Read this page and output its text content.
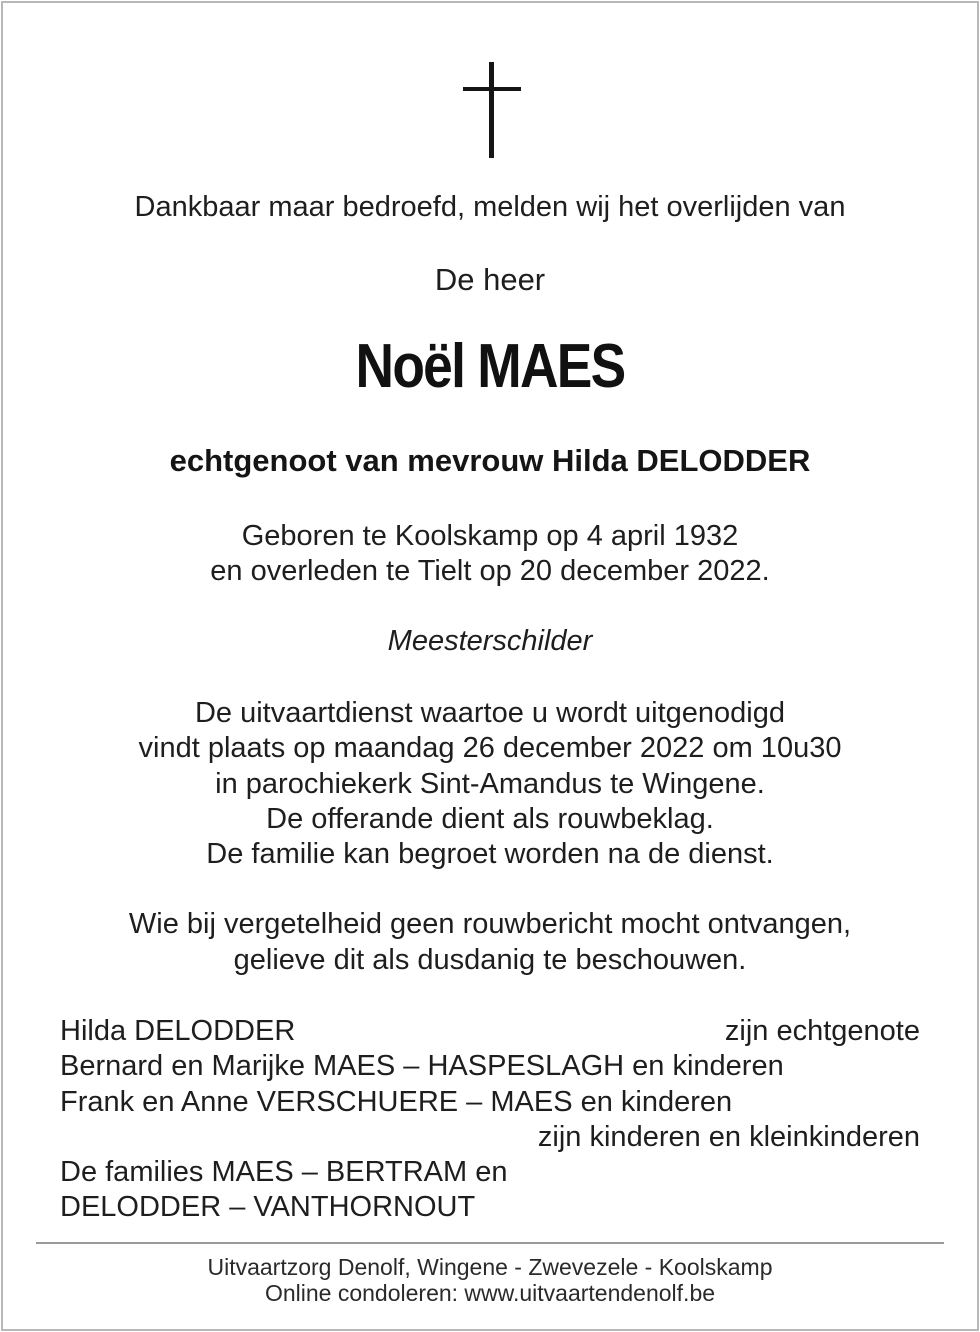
Dankbaar maar bedroefd, melden wij het overlijden van
De heer
Noël MAES
echtgenoot van mevrouw Hilda DELODDER
Geboren te Koolskamp op 4 april 1932
en overleden te Tielt op 20 december 2022.
Meesterschilder
De uitvaartdienst waartoe u wordt uitgenodigd
vindt plaats op maandag 26 december 2022 om 10u30
in parochiekerk Sint-Amandus te Wingene.
De offerande dient als rouwbeklag.
De familie kan begroet worden na de dienst.
Wie bij vergetelheid geen rouwbericht mocht ontvangen,
gelieve dit als dusdanig te beschouwen.
Hilda DELODDER	zijn echtgenote
Bernard en Marijke MAES – HASPESLAGH en kinderen
Frank en Anne VERSCHUERE – MAES en kinderen
zijn kinderen en kleinkinderen
De families MAES – BERTRAM en
DELODDER – VANTHORNOUT
Uitvaartzorg Denolf, Wingene - Zwevezele - Koolskamp
Online condoleren: www.uitvaartendenolf.be
